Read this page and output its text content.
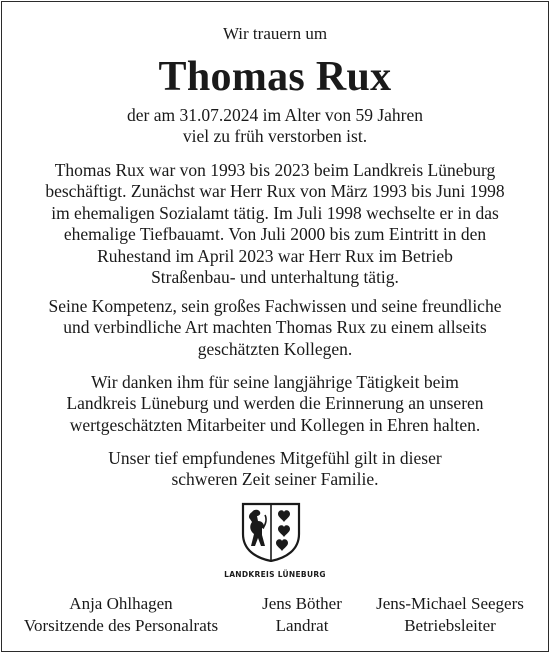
Wir trauern um
Thomas Rux
der am 31.07.2024 im Alter von 59 Jahren
viel zu früh verstorben ist.
Thomas Rux war von 1993 bis 2023 beim Landkreis Lüneburg
beschäftigt. Zunächst war Herr Rux von März 1993 bis Juni 1998
im ehemaligen Sozialamt tätig. Im Juli 1998 wechselte er in das
ehemalige Tiefbauamt. Von Juli 2000 bis zum Eintritt in den
Ruhestand im April 2023 war Herr Rux im Betrieb
Straßenbau- und unterhaltung tätig.
Seine Kompetenz, sein großes Fachwissen und seine freundliche
und verbindliche Art machten Thomas Rux zu einem allseits
geschätzten Kollegen.
Wir danken ihm für seine langjährige Tätigkeit beim
Landkreis Lüneburg und werden die Erinnerung an unseren
wertgeschätzten Mitarbeiter und Kollegen in Ehren halten.
Unser tief empfundenes Mitgefühl gilt in dieser
schweren Zeit seiner Familie.
LANDKREIS LÜNEBURG
Anja Ohlhagen
Vorsitzende des Personalrats
Jens Böther
Landrat
Jens-Michael Seegers
Betriebsleiter
